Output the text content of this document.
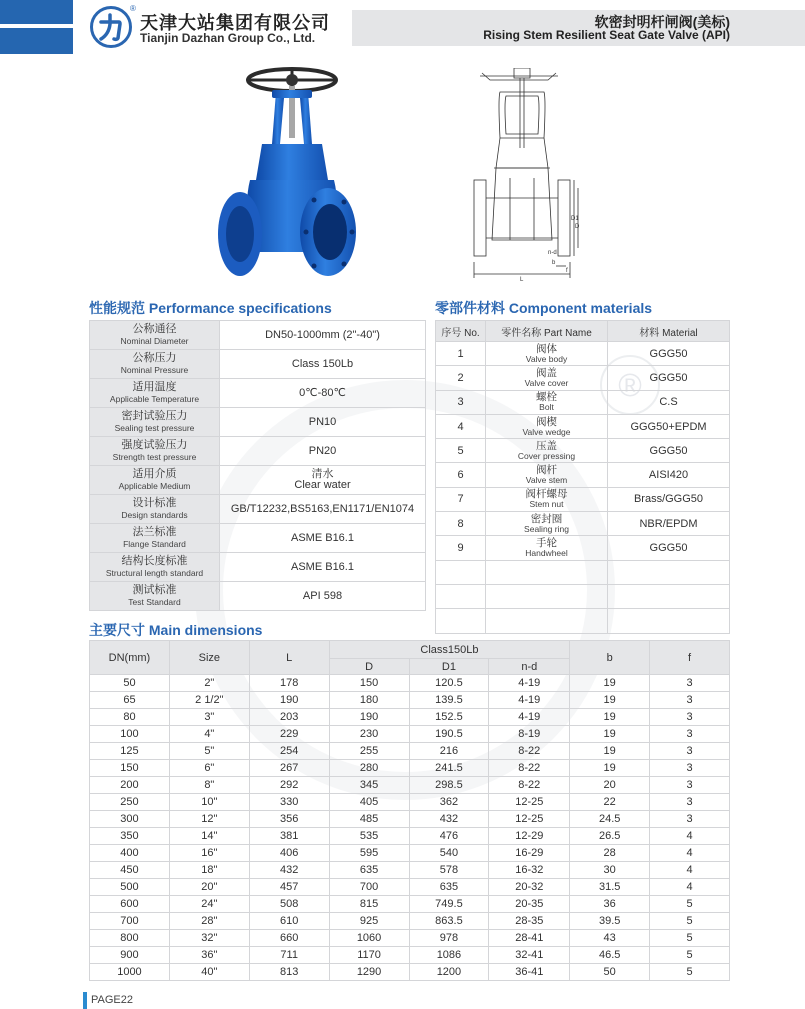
®
天津大站集团有限公司
Tianjin Dazhan Group Co., Ltd.
软密封明杆闸阀(美标)
Rising Stem Resilient Seat Gate Valve (API)
®
L
b
f
n-d
D1
D
性能规范 Performance specifications
公称通径
Nominal Diameter	DN50-1000mm (2"-40")

公称压力
Nominal Pressure	Class 150Lb

适用温度
Applicable Temperature	0℃-80℃

密封试验压力
Sealing test pressure	PN10

强度试验压力
Strength test pressure	PN20

适用介质
Applicable Medium	清水
Clear water

设计标准
Design standards	GB/T12232,BS5163,EN1171/EN1074

法兰标准
Flange Standard	ASME B16.1

结构长度标准
Structural length standard	ASME B16.1

测试标准
Test Standard	API 598
零部件材料 Component materials
序号 No.	零件名称 Part Name	材料 Material
1	阀体
Valve body	GGG50
2	阀盖
Valve cover	GGG50
3	螺栓
Bolt	C.S
4	阀楔
Valve wedge	GGG50+EPDM
5	压盖
Cover pressing	GGG50
6	阀杆
Valve stem	AISI420
7	阀杆螺母
Stem nut	Brass/GGG50
8	密封圈
Sealing ring	NBR/EPDM
9	手轮
Handwheel	GGG50

主要尺寸 Main dimensions
DN(mm)	Size	L	Class150Lb			b	f
			D	D1	n-d		
50	2"	178	150	120.5	4-19	19	3
65	2 1/2"	190	180	139.5	4-19	19	3
80	3"	203	190	152.5	4-19	19	3
100	4"	229	230	190.5	8-19	19	3
125	5"	254	255	216	8-22	19	3
150	6"	267	280	241.5	8-22	19	3
200	8"	292	345	298.5	8-22	20	3
250	10"	330	405	362	12-25	22	3
300	12"	356	485	432	12-25	24.5	3
350	14"	381	535	476	12-29	26.5	4
400	16"	406	595	540	16-29	28	4
450	18"	432	635	578	16-32	30	4
500	20"	457	700	635	20-32	31.5	4
600	24"	508	815	749.5	20-35	36	5
700	28"	610	925	863.5	28-35	39.5	5
800	32"	660	1060	978	28-41	43	5
900	36"	711	1170	1086	32-41	46.5	5
1000	40"	813	1290	1200	36-41	50	5
PAGE22
